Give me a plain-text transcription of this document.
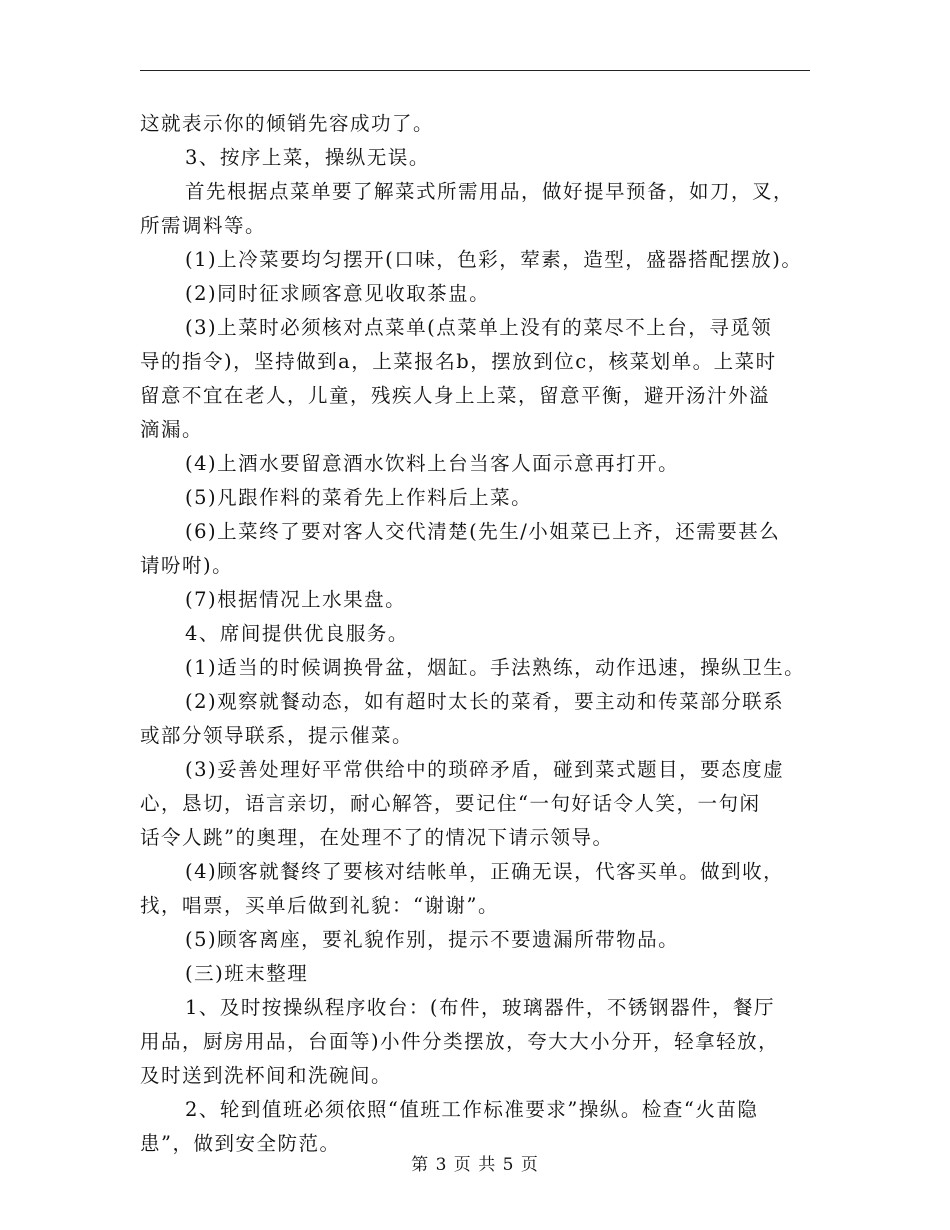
这就表示你的倾销先容成功了。
3、按序上菜，操纵无误。
首先根据点菜单要了解菜式所需用品，做好提早预备，如刀，叉，
所需调料等。
(1)上冷菜要均匀摆开(口味，色彩，荤素，造型，盛器搭配摆放)。
(2)同时征求顾客意见收取茶盅。
(3)上菜时必须核对点菜单(点菜单上没有的菜尽不上台，寻觅领
导的指令)，坚持做到a，上菜报名b，摆放到位c，核菜划单。上菜时
留意不宜在老人，儿童，残疾人身上上菜，留意平衡，避开汤汁外溢
滴漏。
(4)上酒水要留意酒水饮料上台当客人面示意再打开。
(5)凡跟作料的菜肴先上作料后上菜。
(6)上菜终了要对客人交代清楚(先生/小姐菜已上齐，还需要甚么
请吩咐)。
(7)根据情况上水果盘。
4、席间提供优良服务。
(1)适当的时候调换骨盆，烟缸。手法熟练，动作迅速，操纵卫生。
(2)观察就餐动态，如有超时太长的菜肴，要主动和传菜部分联系
或部分领导联系，提示催菜。
(3)妥善处理好平常供给中的琐碎矛盾，碰到菜式题目，要态度虚
心，恳切，语言亲切，耐心解答，要记住“一句好话令人笑，一句闲
话令人跳”的奥理，在处理不了的情况下请示领导。
(4)顾客就餐终了要核对结帐单，正确无误，代客买单。做到收，
找，唱票，买单后做到礼貌：“谢谢”。
(5)顾客离座，要礼貌作别，提示不要遗漏所带物品。
(三)班末整理
1、及时按操纵程序收台：(布件，玻璃器件，不锈钢器件，餐厅
用品，厨房用品，台面等)小件分类摆放，夸大大小分开，轻拿轻放，
及时送到洗杯间和洗碗间。
2、轮到值班必须依照“值班工作标准要求”操纵。检查“火苗隐
患”，做到安全防范。
第 3 页 共 5 页
